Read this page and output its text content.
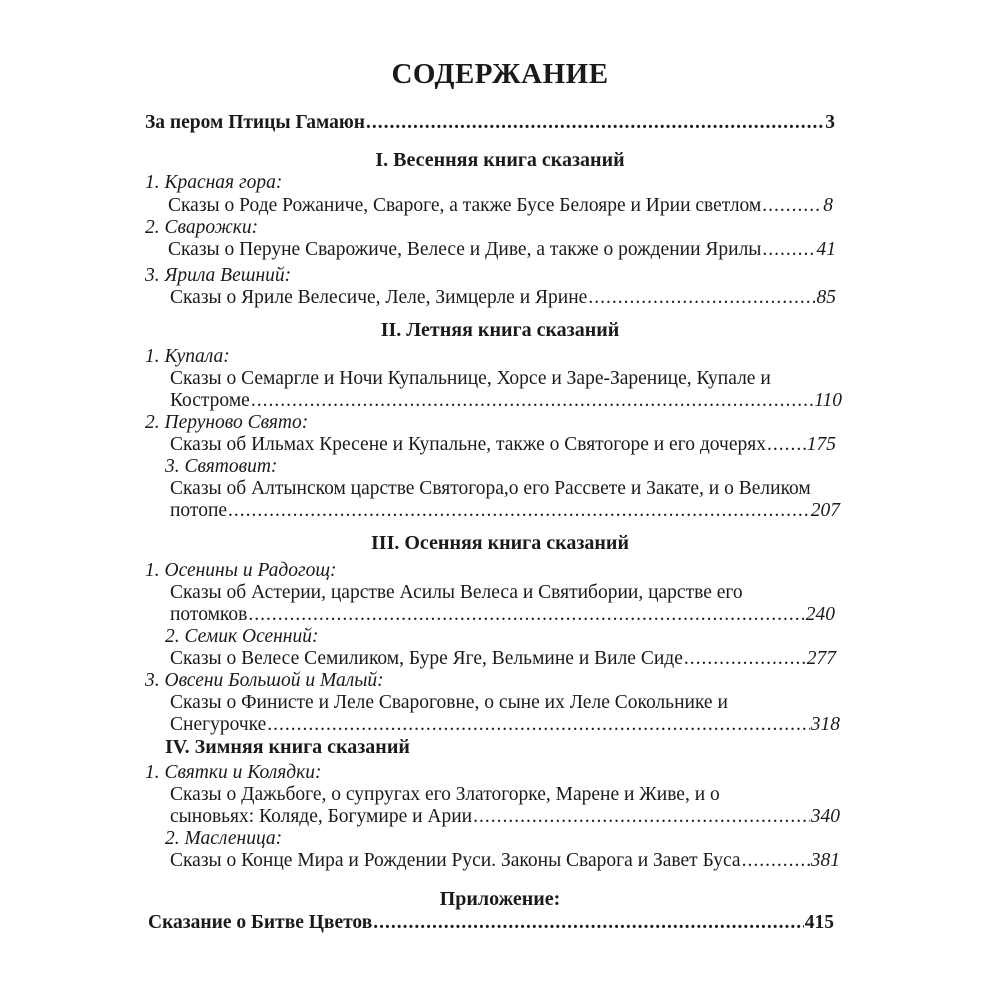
СОДЕРЖАНИЕ
За пером Птицы Гамаюн .....	3
I. Весенняя книга сказаний
1. Красная гора:
Сказы о Роде Рожаниче, Свароге, а также Бусе Белояре и Ирии светлом .....	8
2. Сварожки:
Сказы о Перуне Сварожиче, Велесе и Диве, а также о рождении Ярилы .....	41
3. Ярила Вешний:
Сказы о Яриле Велесиче, Леле, Зимцерле и Ярине .....	85
II. Летняя книга сказаний
1. Купала:
Сказы о Семаргле и Ночи Купальнице, Хорсе и Заре-Заренице, Купале и
Костроме .....	110
2. Перуново Свято:
Сказы об Ильмах Кресене и Купальне, также о Святогоре и его дочерях ..... 175
3. Святовит:
Сказы об Алтынском царстве Святогора,о его Рассвете и Закате, и о Великом
потопе .....	207
III. Осенняя книга сказаний
1. Осенины и Радогощ:
Сказы об Астерии, царстве Асилы Велеса и Святибории, царстве его
потомков .....	240
2. Семик Осенний:
Сказы о Велесе Семиликом, Буре Яге, Вельмине и Виле Сиде .....	277
3. Овсени Большой и Малый:
Сказы о Финисте и Леле Свароговне, о сыне их Леле Сокольнике и
Снегурочке .....	318
IV. Зимняя книга сказаний
1. Святки и Колядки:
Сказы о Дажьбоге, о супругах его Златогорке, Марене и Живе, и о
сыновьях: Коляде, Богумире и Арии .....	340
2. Масленица:
Сказы о Конце Мира и Рождении Руси. Законы Сварога и Завет Буса .....	381
Приложение:
Сказание о Битве Цветов .....	415
